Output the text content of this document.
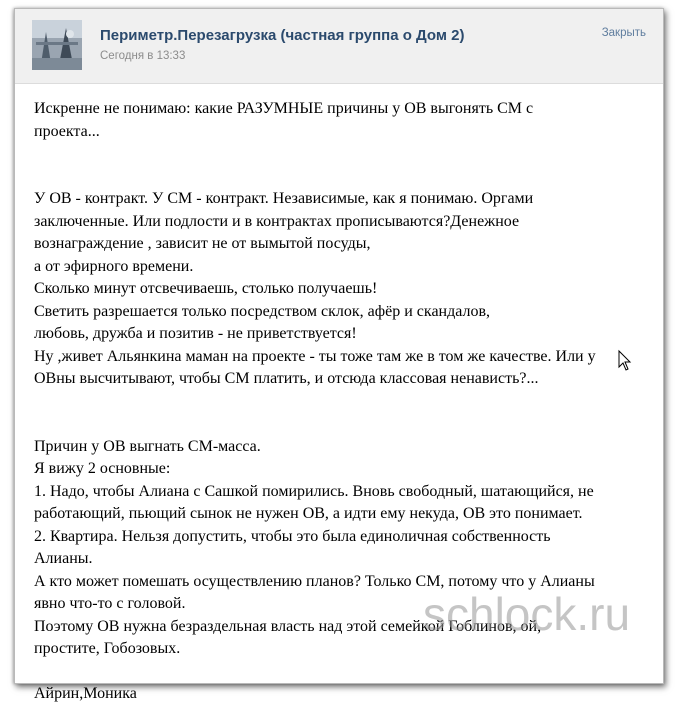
Периметр.Перезагрузка (частная группа о Дом 2)
Сегодня в 13:33
Закрыть
Искренне не понимаю: какие РАЗУМНЫЕ причины у ОВ выгонять СМ с
проекта...
У ОВ - контракт. У СМ - контракт. Независимые, как я понимаю. Оргами
заключенные. Или подлости и в контрактах прописываются?Денежное
вознаграждение , зависит не от вымытой посуды,
а от эфирного времени.
Сколько минут отсвечиваешь, столько получаешь!
Светить разрешается только посредством склок, афёр и скандалов,
любовь, дружба и позитив - не приветствуется!
Ну ,живет Альянкина маман на проекте - ты тоже там же в том же качестве. Или у
ОВны высчитывают, чтобы СМ платить, и отсюда классовая ненависть?...
Причин у ОВ выгнать СМ-масса.
Я вижу 2 основные:
1. Надо, чтобы Алиана с Сашкой помирились. Вновь свободный, шатающийся, не
работающий, пьющий сынок не нужен ОВ, а идти ему некуда, ОВ это понимает.
2. Квартира. Нельзя допустить, чтобы это была единоличная собственность
Алианы.
А кто может помешать осуществлению планов? Только СМ, потому что у Алианы
явно что-то с головой.
Поэтому ОВ нужна безраздельная власть над этой семейкой Гоблинов, ой,
простите, Гобозовых.
Айрин,Моника
schlock.ru
